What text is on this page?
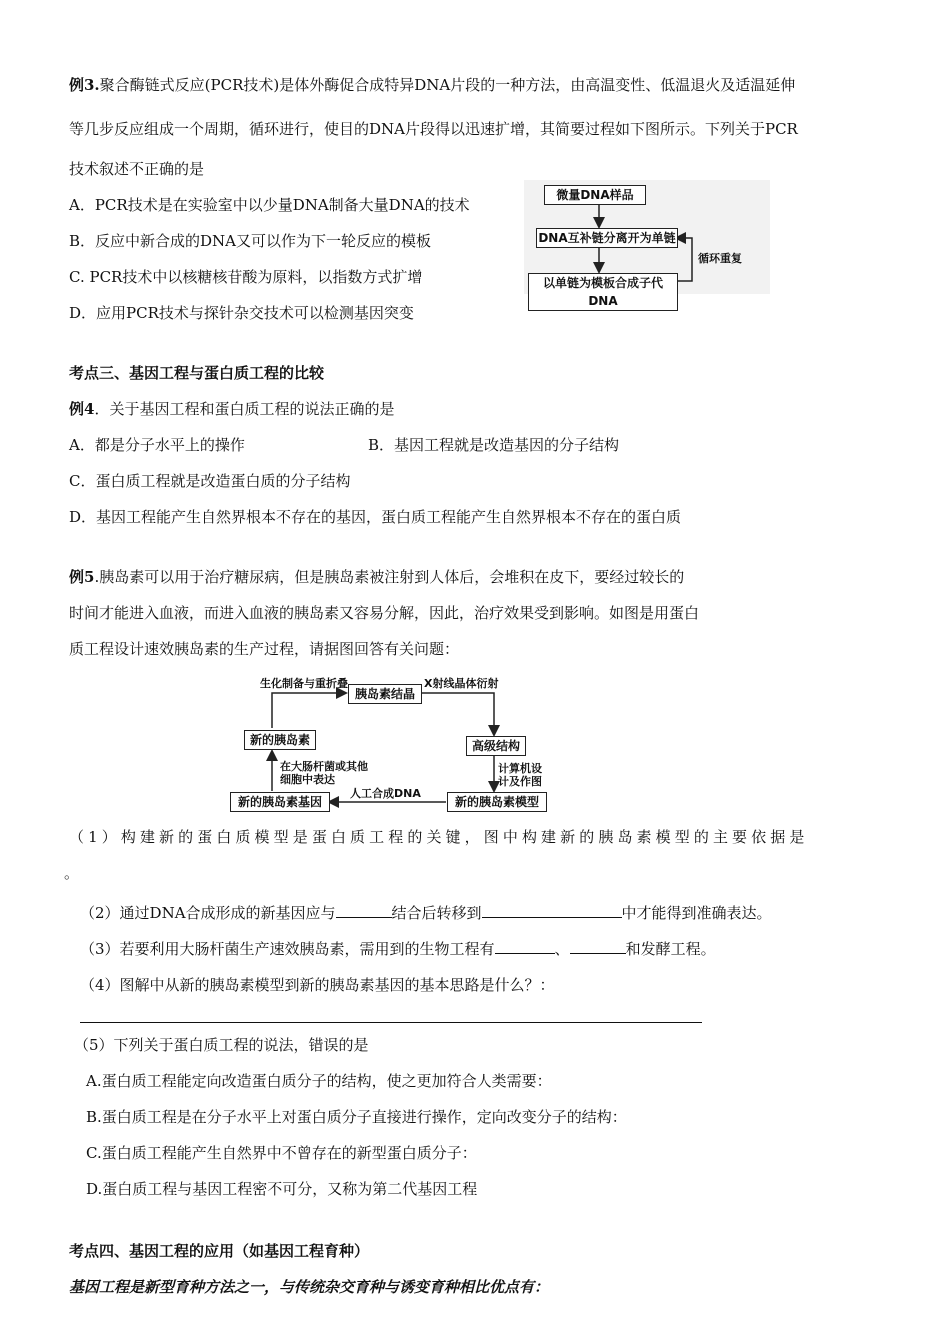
例3.聚合酶链式反应(PCR技术)是体外酶促合成特异DNA片段的一种方法，由高温变性、低温退火及适温延伸
等几步反应组成一个周期，循环进行，使目的DNA片段得以迅速扩增，其简要过程如下图所示。下列关于PCR
技术叙述不正确的是
A．PCR技术是在实验室中以少量DNA制备大量DNA的技术
B．反应中新合成的DNA又可以作为下一轮反应的模板
C. PCR技术中以核糖核苷酸为原料，以指数方式扩增
D．应用PCR技术与探针杂交技术可以检测基因突变
微量DNA样品
DNA互补链分离开为单链
以单链为模板合成子代DNA
循环重复
考点三、基因工程与蛋白质工程的比较
例4．关于基因工程和蛋白质工程的说法正确的是
A．都是分子水平上的操作	B．基因工程就是改造基因的分子结构
C．蛋白质工程就是改造蛋白质的分子结构
D．基因工程能产生自然界根本不存在的基因，蛋白质工程能产生自然界根本不存在的蛋白质
例5.胰岛素可以用于治疗糖尿病，但是胰岛素被注射到人体后，会堆积在皮下，要经过较长的
时间才能进入血液，而进入血液的胰岛素又容易分解，因此，治疗效果受到影响。如图是用蛋白
质工程设计速效胰岛素的生产过程，请据图回答有关问题：
胰岛素结晶
高级结构
新的胰岛素模型
新的胰岛素基因
新的胰岛素
生化制备与重折叠	X射线晶体衍射
计算机设
计及作图
人工合成DNA
在大肠杆菌或其他
细胞中表达
（1）构建新的蛋白质模型是蛋白质工程的关键，图中构建新的胰岛素模型的主要依据是
。
（2）通过DNA合成形成的新基因应与	结合后转移到	中才能得到准确表达。
（3）若要利用大肠杆菌生产速效胰岛素，需用到的生物工程有	、	和发酵工程。
（4）图解中从新的胰岛素模型到新的胰岛素基因的基本思路是什么？：
（5）下列关于蛋白质工程的说法，错误的是
A.蛋白质工程能定向改造蛋白质分子的结构，使之更加符合人类需要：
B.蛋白质工程是在分子水平上对蛋白质分子直接进行操作，定向改变分子的结构：
C.蛋白质工程能产生自然界中不曾存在的新型蛋白质分子：
D.蛋白质工程与基因工程密不可分，又称为第二代基因工程
考点四、基因工程的应用（如基因工程育种）
基因工程是新型育种方法之一，与传统杂交育种与诱变育种相比优点有：
